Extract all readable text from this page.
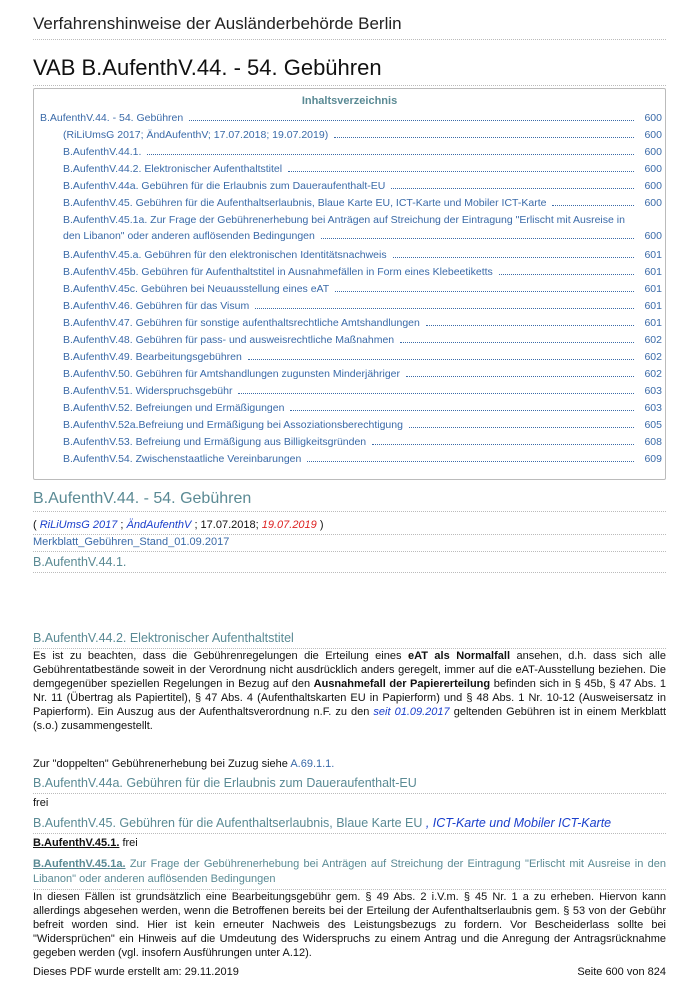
Verfahrenshinweise der Ausländerbehörde Berlin
VAB B.AufenthV.44. - 54. Gebühren
Inhaltsverzeichnis
B.AufenthV.44. - 54. Gebühren	600
(RiLiUmsG 2017; ÄndAufenthV; 17.07.2018; 19.07.2019)	600
B.AufenthV.44.1.	600
B.AufenthV.44.2. Elektronischer Aufenthaltstitel	600
B.AufenthV.44a. Gebühren für die Erlaubnis zum Daueraufenthalt-EU	600
B.AufenthV.45. Gebühren für die Aufenthaltserlaubnis, Blaue Karte EU, ICT-Karte und Mobiler ICT-Karte	600
B.AufenthV.45.1a. Zur Frage der Gebührenerhebung bei Anträgen auf Streichung der Eintragung "Erlischt mit Ausreise in
den Libanon" oder anderen auflösenden Bedingungen	600
B.AufenthV.45.a. Gebühren für den elektronischen Identitätsnachweis	601
B.AufenthV.45b. Gebühren für Aufenthaltstitel in Ausnahmefällen in Form eines Klebeetiketts	601
B.AufenthV.45c. Gebühren bei Neuausstellung eines eAT	601
B.AufenthV.46. Gebühren für das Visum	601
B.AufenthV.47. Gebühren für sonstige aufenthaltsrechtliche Amtshandlungen	601
B.AufenthV.48. Gebühren für pass- und ausweisrechtliche Maßnahmen	602
B.AufenthV.49. Bearbeitungsgebühren	602
B.AufenthV.50. Gebühren für Amtshandlungen zugunsten Minderjähriger	602
B.AufenthV.51. Widerspruchsgebühr	603
B.AufenthV.52. Befreiungen und Ermäßigungen	603
B.AufenthV.52a.Befreiung und Ermäßigung bei Assoziationsberechtigung	605
B.AufenthV.53. Befreiung und Ermäßigung aus Billigkeitsgründen	608
B.AufenthV.54. Zwischenstaatliche Vereinbarungen	609
B.AufenthV.44. - 54. Gebühren
( RiLiUmsG 2017 ; ÄndAufenthV ; 17.07.2018; 19.07.2019 )
Merkblatt_Gebühren_Stand_01.09.2017
B.AufenthV.44.1.
B.AufenthV.44.2. Elektronischer Aufenthaltstitel
Es ist zu beachten, dass die Gebührenregelungen die Erteilung eines eAT als Normalfall ansehen, d.h. dass sich alle Gebührentatbestände soweit in der Verordnung nicht ausdrücklich anders geregelt, immer auf die eAT-Ausstellung beziehen. Die demgegenüber speziellen Regelungen in Bezug auf den Ausnahmefall der Papiererteilung befinden sich in § 45b, § 47 Abs. 1 Nr. 11 (Übertrag als Papiertitel), § 47 Abs. 4 (Aufenthaltskarten EU in Papierform) und § 48 Abs. 1 Nr. 10-12 (Ausweisersatz in Papierform). Ein Auszug aus der Aufenthaltsverordnung n.F. zu den seit 01.09.2017 geltenden Gebühren ist in einem Merkblatt (s.o.) zusammengestellt.
Zur "doppelten" Gebührenerhebung bei Zuzug siehe A.69.1.1.
B.AufenthV.44a. Gebühren für die Erlaubnis zum Daueraufenthalt-EU
frei
B.AufenthV.45. Gebühren für die Aufenthaltserlaubnis, Blaue Karte EU , ICT-Karte und Mobiler ICT-Karte
B.AufenthV.45.1. frei
B.AufenthV.45.1a. Zur Frage der Gebührenerhebung bei Anträgen auf Streichung der Eintragung "Erlischt mit Ausreise in den Libanon" oder anderen auflösenden Bedingungen
In diesen Fällen ist grundsätzlich eine Bearbeitungsgebühr gem. § 49 Abs. 2 i.V.m. § 45 Nr. 1 a zu erheben. Hiervon kann allerdings abgesehen werden, wenn die Betroffenen bereits bei der Erteilung der Aufenthaltserlaubnis gem. § 53 von der Gebühr befreit worden sind. Hier ist kein erneuter Nachweis des Leistungsbezugs zu fordern. Vor Bescheiderlass sollte bei "Widersprüchen" ein Hinweis auf die Umdeutung des Widerspruchs zu einem Antrag und die Anregung der Antragsrücknahme gegeben werden (vgl. insofern Ausführungen unter A.12).
Dieses PDF wurde erstellt am: 29.11.2019	Seite 600 von 824
